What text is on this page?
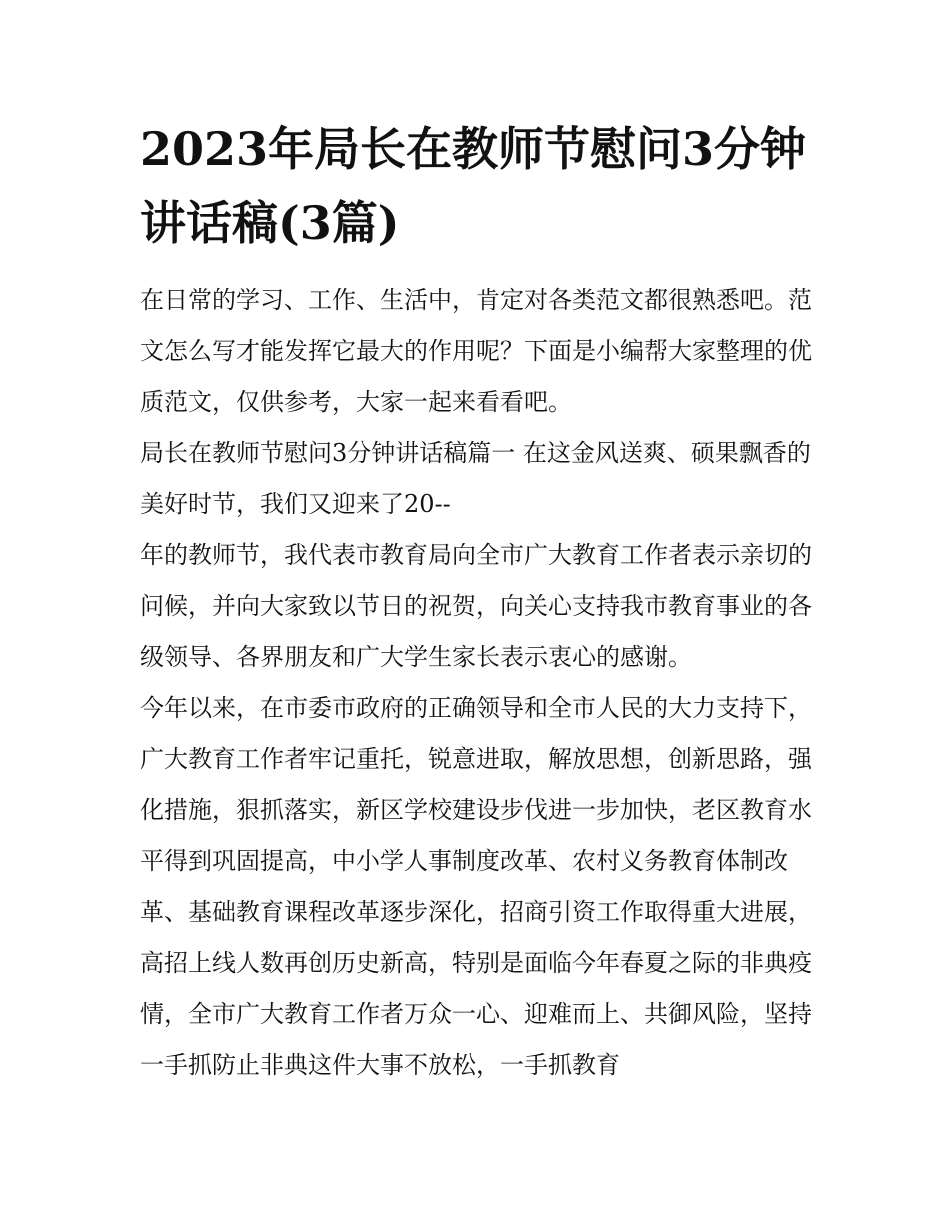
2023年局长在教师节慰问3分钟讲话稿(3篇)

在日常的学习、工作、生活中，肯定对各类范文都很熟悉吧。范文怎么写才能发挥它最大的作用呢？下面是小编帮大家整理的优质范文，仅供参考，大家一起来看看吧。

局长在教师节慰问3分钟讲话稿篇一 在这金风送爽、硕果飘香的美好时节，我们又迎来了20--

年的教师节，我代表市教育局向全市广大教育工作者表示亲切的问候，并向大家致以节日的祝贺，向关心支持我市教育事业的各级领导、各界朋友和广大学生家长表示衷心的感谢。

今年以来，在市委市政府的正确领导和全市人民的大力支持下，广大教育工作者牢记重托，锐意进取，解放思想，创新思路，强化措施，狠抓落实，新区学校建设步伐进一步加快，老区教育水平得到巩固提高，中小学人事制度改革、农村义务教育体制改革、基础教育课程改革逐步深化，招商引资工作取得重大进展，高招上线人数再创历史新高，特别是面临今年春夏之际的非典疫情，全市广大教育工作者万众一心、迎难而上、共御风险，坚持一手抓防止非典这件大事不放松，一手抓教育
